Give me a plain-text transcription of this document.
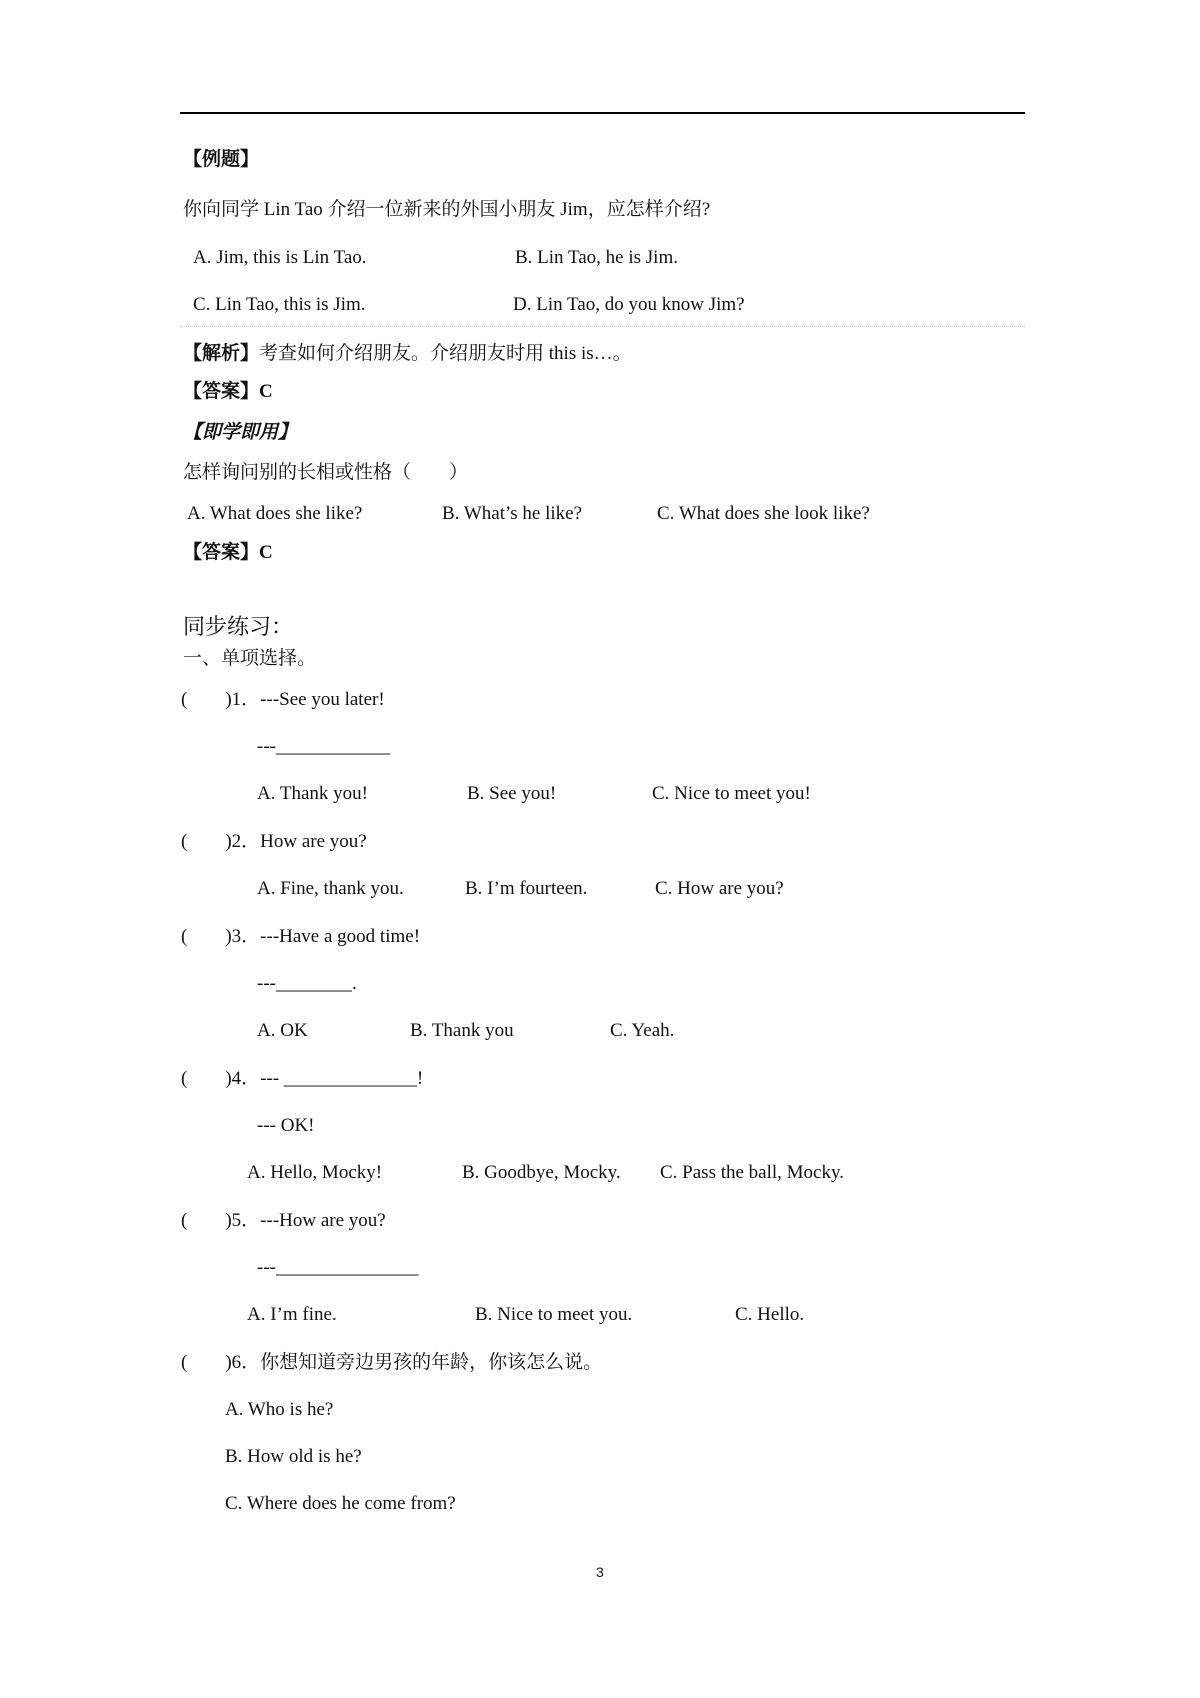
【例题】
你向同学 Lin Tao 介绍一位新来的外国小朋友 Jim，应怎样介绍?
A. Jim, this is Lin Tao.	B. Lin Tao, he is Jim.
C. Lin Tao, this is Jim.	D. Lin Tao, do you know Jim?
【解析】考查如何介绍朋友。介绍朋友时用 this is…。
【答案】C
【即学即用】
怎样询问别的长相或性格（　　）
A. What does she like?	B. What’s he like?	C. What does she look like?
【答案】C
同步练习：
一、单项选择。
(　　)1．---See you later!
---____________
A. Thank you!	B. See you!	C. Nice to meet you!
(　　)2．How are you?
A. Fine, thank you.	B. I’m fourteen.	C. How are you?
(　　)3．---Have a good time!
---________.
A. OK	B. Thank you	C. Yeah.
(　　)4．--- ______________!
--- OK!
A. Hello, Mocky!	B. Goodbye, Mocky. C. Pass the ball, Mocky.
(　　)5．---How are you?
---_______________
A. I’m fine.	B. Nice to meet you.	C. Hello.
(　　)6．你想知道旁边男孩的年龄，你该怎么说。
A. Who is he?
B. How old is he?
C. Where does he come from?
3
